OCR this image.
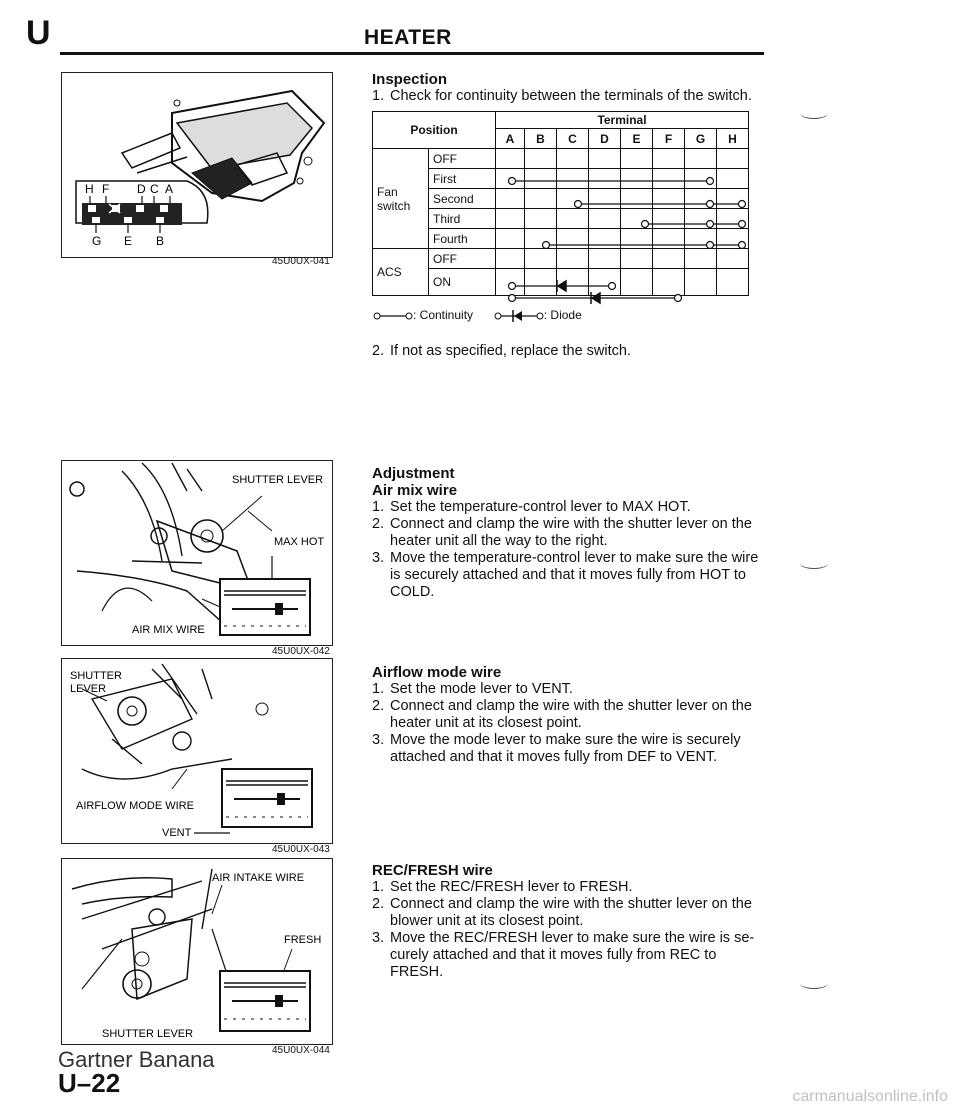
U	HEATER
H F D C A
G E B
45U0UX-041
Inspection
1. Check for continuity between the terminals of the switch.
Position		Terminal							
		A	B	C	D	E	F	G	H
Fan
switch	OFF								
	First								
	Second								
	Third								
	Fourth								
ACS	OFF								
	ON								
: Continuity	: Diode
2. If not as specified, replace the switch.
SHUTTER LEVER
MAX HOT
AIR MIX WIRE
45U0UX-042
Adjustment
Air mix wire
1. Set the temperature-control lever to MAX HOT.
2. Connect and clamp the wire with the shutter lever on the heater unit all the way to the right.
3. Move the temperature-control lever to make sure the wire is securely attached and that it moves fully from HOT to COLD.
SHUTTER LEVER
AIRFLOW MODE WIRE
VENT
45U0UX-043
Airflow mode wire
1. Set the mode lever to VENT.
2. Connect and clamp the wire with the shutter lever on the heater unit at its closest point.
3. Move the mode lever to make sure the wire is securely attached and that it moves fully from DEF to VENT.
AIR INTAKE WIRE
FRESH
SHUTTER LEVER
45U0UX-044
REC/FRESH wire
1. Set the REC/FRESH lever to FRESH.
2. Connect and clamp the wire with the shutter lever on the blower unit at its closest point.
3. Move the REC/FRESH lever to make sure the wire is se-curely attached and that it moves fully from REC to FRESH.
Gartner Banana
U–22	carmanualsonline.info
